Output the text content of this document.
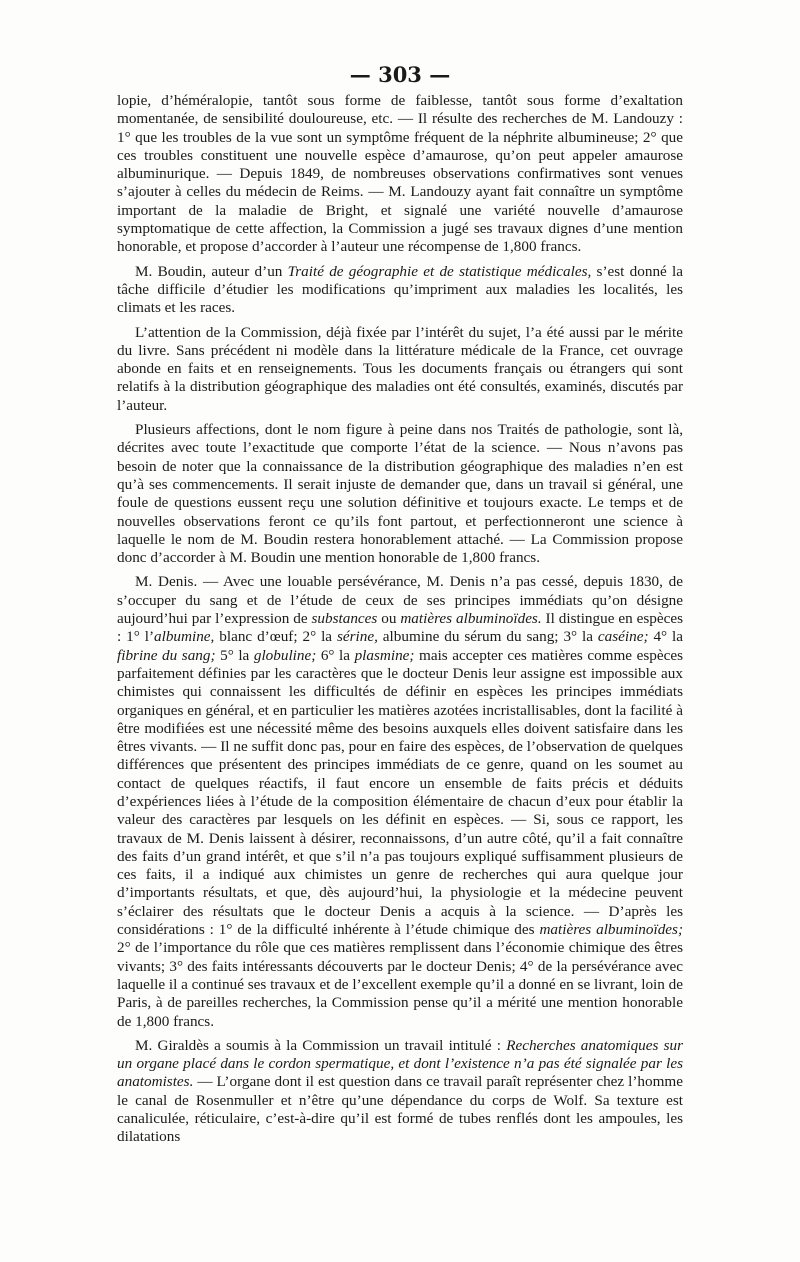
— 303 —

lopie, d’héméralopie, tantôt sous forme de faiblesse, tantôt sous forme d’exaltation momentanée, de sensibilité douloureuse, etc. — Il résulte des recherches de M. Landouzy : 1° que les troubles de la vue sont un symptôme fréquent de la néphrite albumineuse; 2° que ces troubles constituent une nouvelle espèce d’amaurose, qu’on peut appeler amaurose albuminurique. — Depuis 1849, de nombreuses observations confirmatives sont venues s’ajouter à celles du médecin de Reims. — M. Landouzy ayant fait connaître un symptôme important de la maladie de Bright, et signalé une variété nouvelle d’amaurose symptomatique de cette affection, la Commission a jugé ses travaux dignes d’une mention honorable, et propose d’accorder à l’auteur une récompense de 1,800 francs.

M. Boudin, auteur d’un Traité de géographie et de statistique médicales, s’est donné la tâche difficile d’étudier les modifications qu’impriment aux maladies les localités, les climats et les races.

L’attention de la Commission, déjà fixée par l’intérêt du sujet, l’a été aussi par le mérite du livre. Sans précédent ni modèle dans la littérature médicale de la France, cet ouvrage abonde en faits et en renseignements. Tous les documents français ou étrangers qui sont relatifs à la distribution géographique des maladies ont été consultés, examinés, discutés par l’auteur.

Plusieurs affections, dont le nom figure à peine dans nos Traités de pathologie, sont là, décrites avec toute l’exactitude que comporte l’état de la science. — Nous n’avons pas besoin de noter que la connaissance de la distribution géographique des maladies n’en est qu’à ses commencements. Il serait injuste de demander que, dans un travail si général, une foule de questions eussent reçu une solution définitive et toujours exacte. Le temps et de nouvelles observations feront ce qu’ils font partout, et perfectionneront une science à laquelle le nom de M. Boudin restera honorablement attaché. — La Commission propose donc d’accorder à M. Boudin une mention honorable de 1,800 francs.

M. Denis. — Avec une louable persévérance, M. Denis n’a pas cessé, depuis 1830, de s’occuper du sang et de l’étude de ceux de ses principes immédiats qu’on désigne aujourd’hui par l’expression de substances ou matières albuminoïdes. Il distingue en espèces : 1° l’albumine, blanc d’œuf; 2° la sérine, albumine du sérum du sang; 3° la caséine; 4° la fibrine du sang; 5° la globuline; 6° la plasmine; mais accepter ces matières comme espèces parfaitement définies par les caractères que le docteur Denis leur assigne est impossible aux chimistes qui connaissent les difficultés de définir en espèces les principes immédiats organiques en général, et en particulier les matières azotées incristallisables, dont la facilité à être modifiées est une nécessité même des besoins auxquels elles doivent satisfaire dans les êtres vivants. — Il ne suffit donc pas, pour en faire des espèces, de l’observation de quelques différences que présentent des principes immédiats de ce genre, quand on les soumet au contact de quelques réactifs, il faut encore un ensemble de faits précis et déduits d’expériences liées à l’étude de la composition élémentaire de chacun d’eux pour établir la valeur des caractères par lesquels on les définit en espèces. — Si, sous ce rapport, les travaux de M. Denis laissent à désirer, reconnaissons, d’un autre côté, qu’il a fait connaître des faits d’un grand intérêt, et que s’il n’a pas toujours expliqué suffisamment plusieurs de ces faits, il a indiqué aux chimistes un genre de recherches qui aura quelque jour d’importants résultats, et que, dès aujourd’hui, la physiologie et la médecine peuvent s’éclairer des résultats que le docteur Denis a acquis à la science. — D’après les considérations : 1° de la difficulté inhérente à l’étude chimique des matières albuminoïdes; 2° de l’importance du rôle que ces matières remplissent dans l’économie chimique des êtres vivants; 3° des faits intéressants découverts par le docteur Denis; 4° de la persévérance avec laquelle il a continué ses travaux et de l’excellent exemple qu’il a donné en se livrant, loin de Paris, à de pareilles recherches, la Commission pense qu’il a mérité une mention honorable de 1,800 francs.

M. Giraldès a soumis à la Commission un travail intitulé : Recherches anatomiques sur un organe placé dans le cordon spermatique, et dont l’existence n’a pas été signalée par les anatomistes. — L’organe dont il est question dans ce travail paraît représenter chez l’homme le canal de Rosenmuller et n’être qu’une dépendance du corps de Wolf. Sa texture est canaliculée, réticulaire, c’est-à-dire qu’il est formé de tubes renflés dont les ampoules, les dilatations
